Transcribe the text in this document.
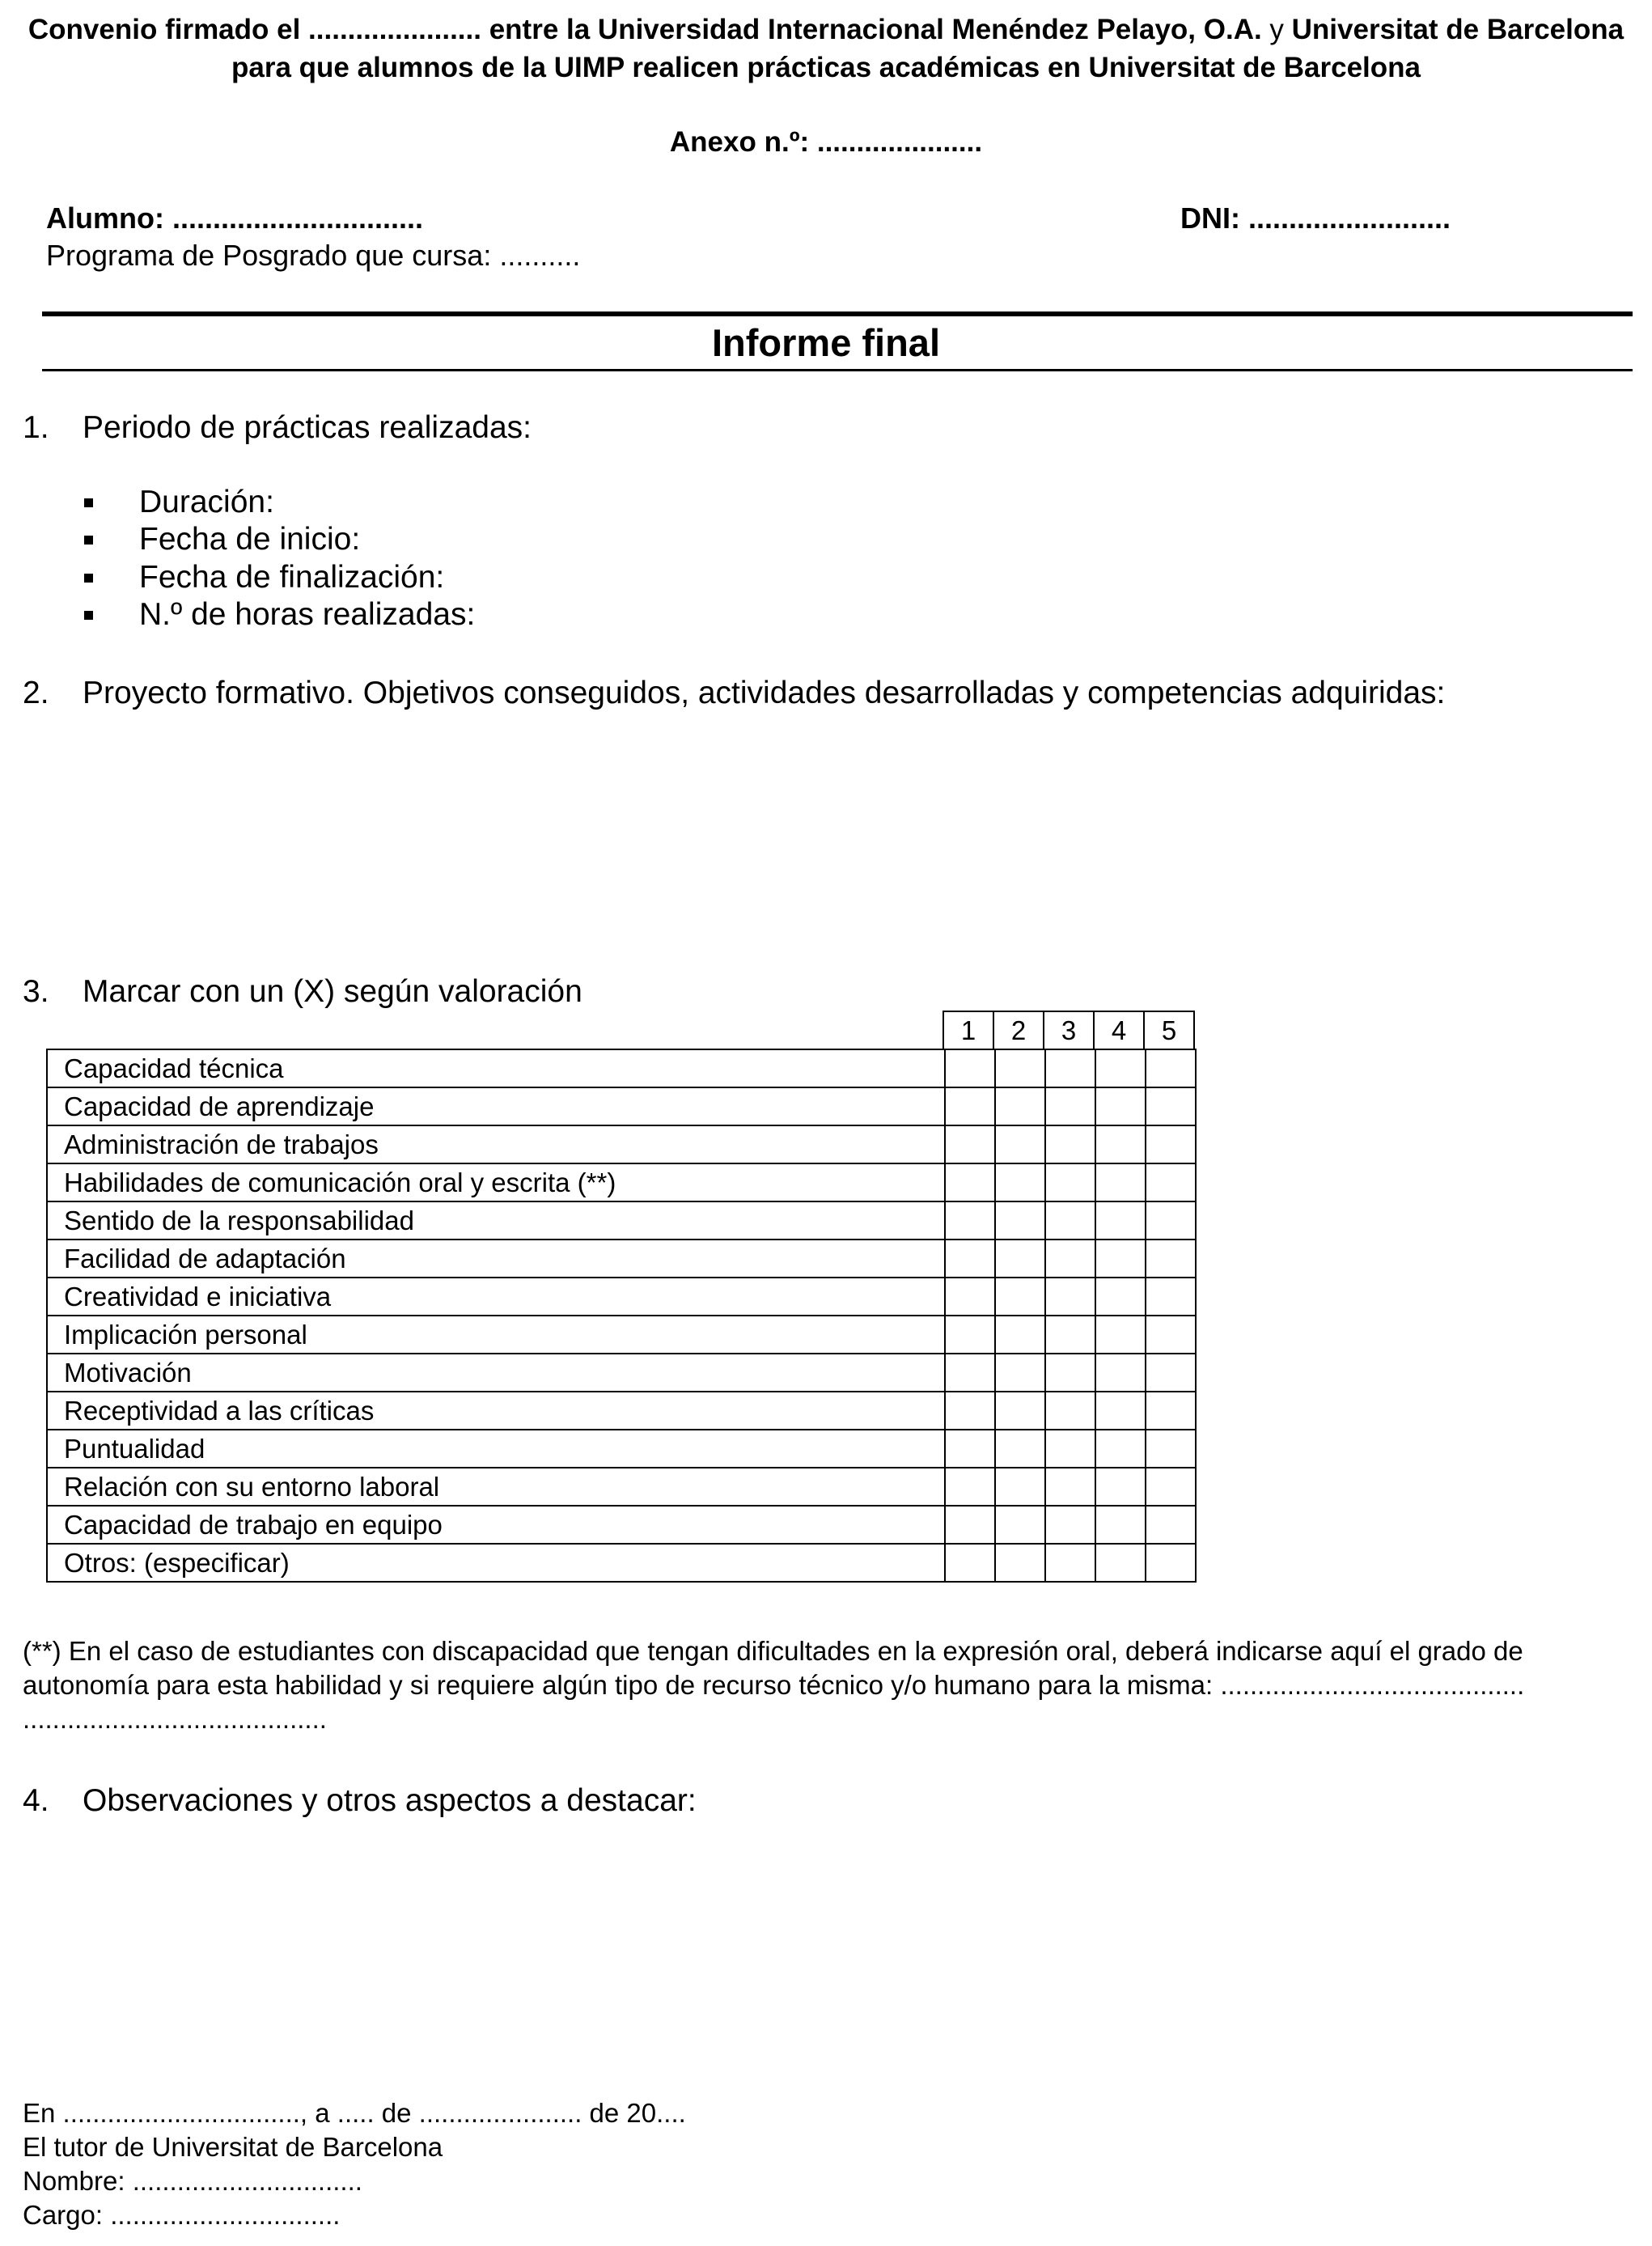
Convenio firmado el ...................... entre la Universidad Internacional Menéndez Pelayo, O.A. y Universitat de Barcelona
para que alumnos de la UIMP realicen prácticas académicas en Universitat de Barcelona
Anexo n.º: .....................
Alumno: ...............................	DNI: .........................
Programa de Posgrado que cursa: ..........
Informe final
1. Periodo de prácticas realizadas:
Duración:
Fecha de inicio:
Fecha de finalización:
N.º de horas realizadas:
2. Proyecto formativo. Objetivos conseguidos, actividades desarrolladas y competencias adquiridas:
3. Marcar con un (X) según valoración
1	2	3	4	5
Capacidad técnica					
Capacidad de aprendizaje					
Administración de trabajos					
Habilidades de comunicación oral y escrita (**)					
Sentido de la responsabilidad					
Facilidad de adaptación					
Creatividad e iniciativa					
Implicación personal					
Motivación					
Receptividad a las críticas					
Puntualidad					
Relación con su entorno laboral					
Capacidad de trabajo en equipo					
Otros: (especificar)					
(**) En el caso de estudiantes con discapacidad que tengan dificultades en la expresión oral, deberá indicarse aquí el grado de
autonomía para esta habilidad y si requiere algún tipo de recurso técnico y/o humano para la misma: .........................................
.........................................
4. Observaciones y otros aspectos a destacar:
En ................................, a ..... de ...................... de 20....
El tutor de Universitat de Barcelona
Nombre: ...............................
Cargo: ...............................
